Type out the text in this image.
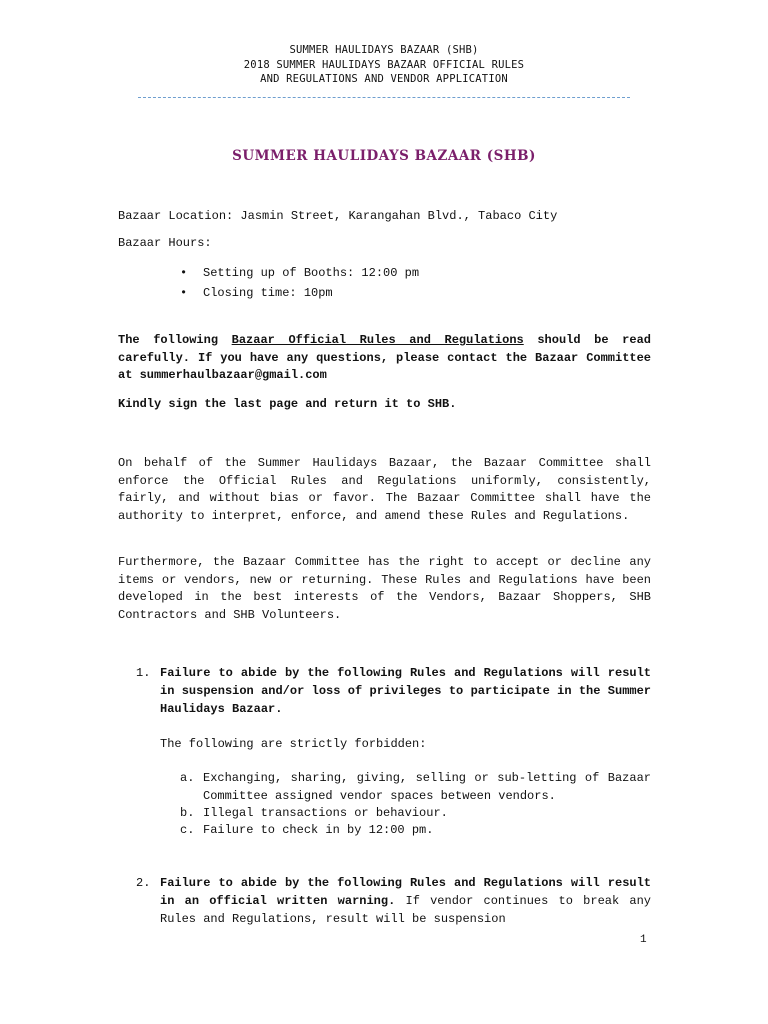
SUMMER HAULIDAYS BAZAAR (SHB)
2018 SUMMER HAULIDAYS BAZAAR OFFICIAL RULES
AND REGULATIONS AND VENDOR APPLICATION
SUMMER HAULIDAYS BAZAAR (SHB)
Bazaar Location: Jasmin Street, Karangahan Blvd., Tabaco City
Bazaar Hours:
• Setting up of Booths: 12:00 pm
• Closing time: 10pm
The following Bazaar Official Rules and Regulations should be read carefully. If you have any questions, please contact the Bazaar Committee at summerhaulbazaar@gmail.com
Kindly sign the last page and return it to SHB.
On behalf of the Summer Haulidays Bazaar, the Bazaar Committee shall enforce the Official Rules and Regulations uniformly, consistently, fairly, and without bias or favor. The Bazaar Committee shall have the authority to interpret, enforce, and amend these Rules and Regulations.
Furthermore, the Bazaar Committee has the right to accept or decline any items or vendors, new or returning. These Rules and Regulations have been developed in the best interests of the Vendors, Bazaar Shoppers, SHB Contractors and SHB Volunteers.
1. Failure to abide by the following Rules and Regulations will result in suspension and/or loss of privileges to participate in the Summer Haulidays Bazaar.
The following are strictly forbidden:
a. Exchanging, sharing, giving, selling or sub-letting of Bazaar Committee assigned vendor spaces between vendors.
b. Illegal transactions or behaviour.
c. Failure to check in by 12:00 pm.
2. Failure to abide by the following Rules and Regulations will result in an official written warning. If vendor continues to break any Rules and Regulations, result will be suspension
1
